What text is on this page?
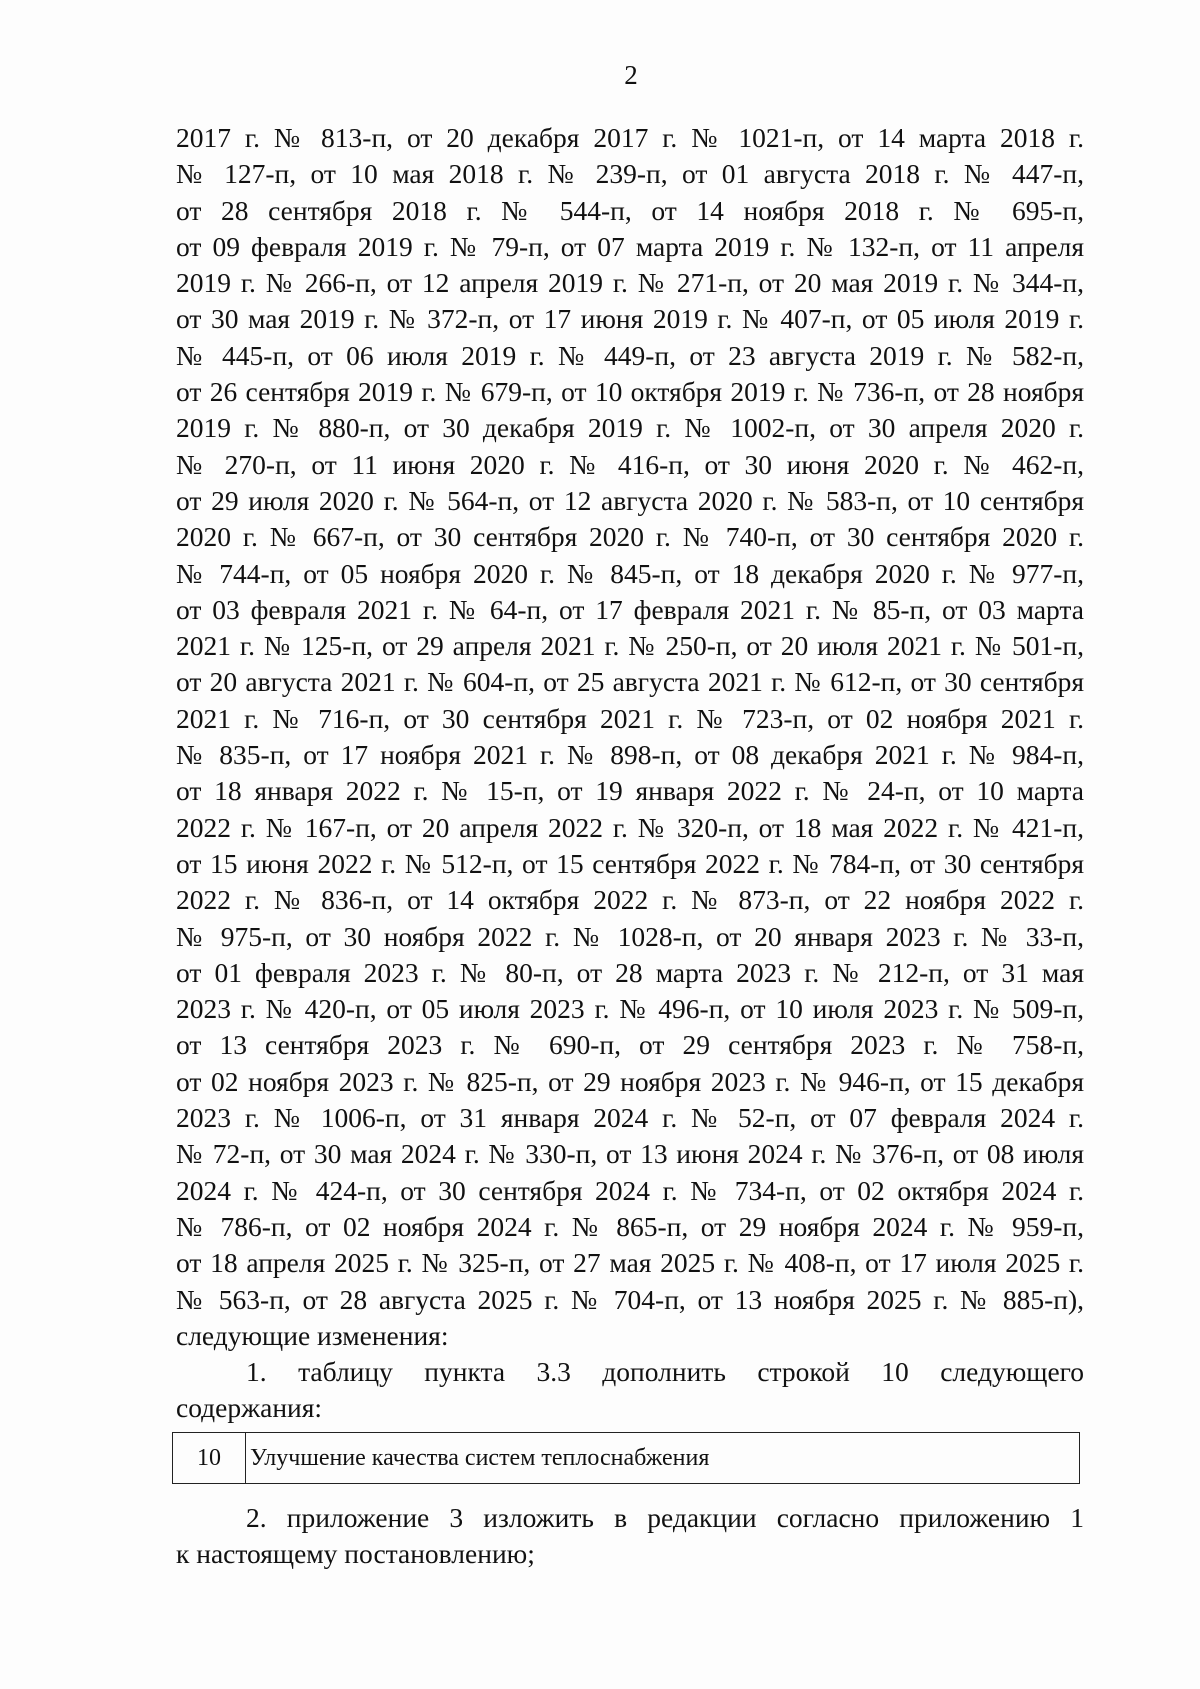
2
2017 г. № 813-п, от 20 декабря 2017 г. № 1021-п, от 14 марта 2018 г.
№ 127-п, от 10 мая 2018 г. № 239-п, от 01 августа 2018 г. № 447-п,
от 28 сентября 2018 г. № 544-п, от 14 ноября 2018 г. № 695-п,
от 09 февраля 2019 г. № 79-п, от 07 марта 2019 г. № 132-п, от 11 апреля
2019 г. № 266-п, от 12 апреля 2019 г. № 271-п, от 20 мая 2019 г. № 344-п,
от 30 мая 2019 г. № 372-п, от 17 июня 2019 г. № 407-п, от 05 июля 2019 г.
№ 445-п, от 06 июля 2019 г. № 449-п, от 23 августа 2019 г. № 582-п,
от 26 сентября 2019 г. № 679-п, от 10 октября 2019 г. № 736-п, от 28 ноября
2019 г. № 880-п, от 30 декабря 2019 г. № 1002-п, от 30 апреля 2020 г.
№ 270-п, от 11 июня 2020 г. № 416-п, от 30 июня 2020 г. № 462-п,
от 29 июля 2020 г. № 564-п, от 12 августа 2020 г. № 583-п, от 10 сентября
2020 г. № 667-п, от 30 сентября 2020 г. № 740-п, от 30 сентября 2020 г.
№ 744-п, от 05 ноября 2020 г. № 845-п, от 18 декабря 2020 г. № 977-п,
от 03 февраля 2021 г. № 64-п, от 17 февраля 2021 г. № 85-п, от 03 марта
2021 г. № 125-п, от 29 апреля 2021 г. № 250-п, от 20 июля 2021 г. № 501-п,
от 20 августа 2021 г. № 604-п, от 25 августа 2021 г. № 612-п, от 30 сентября
2021 г. № 716-п, от 30 сентября 2021 г. № 723-п, от 02 ноября 2021 г.
№ 835-п, от 17 ноября 2021 г. № 898-п, от 08 декабря 2021 г. № 984-п,
от 18 января 2022 г. № 15-п, от 19 января 2022 г. № 24-п, от 10 марта
2022 г. № 167-п, от 20 апреля 2022 г. № 320-п, от 18 мая 2022 г. № 421-п,
от 15 июня 2022 г. № 512-п, от 15 сентября 2022 г. № 784-п, от 30 сентября
2022 г. № 836-п, от 14 октября 2022 г. № 873-п, от 22 ноября 2022 г.
№ 975-п, от 30 ноября 2022 г. № 1028-п, от 20 января 2023 г. № 33-п,
от 01 февраля 2023 г. № 80-п, от 28 марта 2023 г. № 212-п, от 31 мая
2023 г. № 420-п, от 05 июля 2023 г. № 496-п, от 10 июля 2023 г. № 509-п,
от 13 сентября 2023 г. № 690-п, от 29 сентября 2023 г. № 758-п,
от 02 ноября 2023 г. № 825-п, от 29 ноября 2023 г. № 946-п, от 15 декабря
2023 г. № 1006-п, от 31 января 2024 г. № 52-п, от 07 февраля 2024 г.
№ 72-п, от 30 мая 2024 г. № 330-п, от 13 июня 2024 г. № 376-п, от 08 июля
2024 г. № 424-п, от 30 сентября 2024 г. № 734-п, от 02 октября 2024 г.
№ 786-п, от 02 ноября 2024 г. № 865-п, от 29 ноября 2024 г. № 959-п,
от 18 апреля 2025 г. № 325-п, от 27 мая 2025 г. № 408-п, от 17 июля 2025 г.
№ 563-п, от 28 августа 2025 г. № 704-п, от 13 ноября 2025 г. № 885-п),
следующие изменения:
1. таблицу пункта 3.3 дополнить строкой 10 следующего
содержания:
10	Улучшение качества систем теплоснабжения
2. приложение 3 изложить в редакции согласно приложению 1
к настоящему постановлению;
